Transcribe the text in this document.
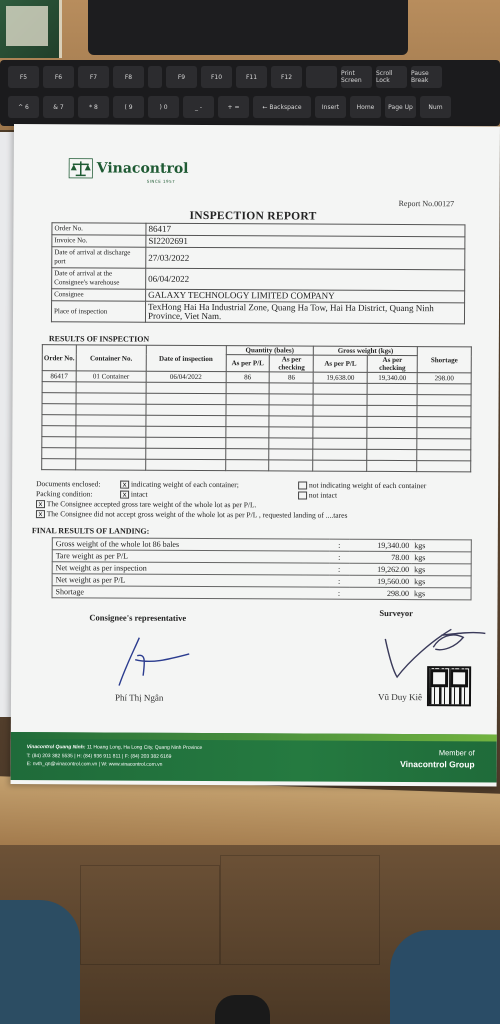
F5	F6	F7	F8	F9	F10	F11	F12	Print Screen
Scroll Lock
Pause Break
^ 6	& 7	* 8	( 9	) 0	_ -	+ =	← Backspace	Insert	Home	Page Up	Num
Vinacontrol
SINCE 1957
Report No.00127
INSPECTION REPORT
Order No.	86417
Invoice No.	SI2202691
Date of arrival at discharge port	27/03/2022
Date of arrival at the Consignee's warehouse	06/04/2022
Consignee	GALAXY TECHNOLOGY LIMITED COMPANY
Place of inspection	TexHong Hai Ha Industrial Zone, Quang Ha Tow, Hai Ha District, Quang Ninh Province, Viet Nam.
RESULTS OF INSPECTION
Order No.	Container No.	Date of inspection	Quantity (bales)		Gross weight (kgs)		Shortage
			As per P/L	As per checking	As per P/L	As per checking	
86417	01 Container	06/04/2022	86	86	19,638.00	19,340.00	298.00

Documents enclosed:	x indicating weight of each container;	not indicating weight of each container
Packing condition:	x intact	not intact
x The Consignee accepted gross tare weight of the whole lot as per P/L.
x The Consignee did not accept gross weight of the whole lot as per P/L , requested landing of ....tares
FINAL RESULTS OF LANDING:
Gross weight of the whole lot 86 bales	:	19,340.00	kgs
Tare weight as per P/L	:	78.00	kgs
Net weight as per inspection	:	19,262.00	kgs
Net weight as per P/L	:	19,560.00	kgs
Shortage	:	298.00	kgs
Consignee's representative	Surveyor
Phí Thị Ngân	Vũ Duy Kiê
Vinacontrol Quang Ninh: 11 Hoang Long, Ha Long City, Quang Ninh Province
T: (84) 203 382 5535 | H: (84) 936 911 811 | F: (84) 203 382 6169
E: nvth_qn@vinacontrol.com.vn | W: www.vinacontrol.com.vn
Member of
Vinacontrol Group
